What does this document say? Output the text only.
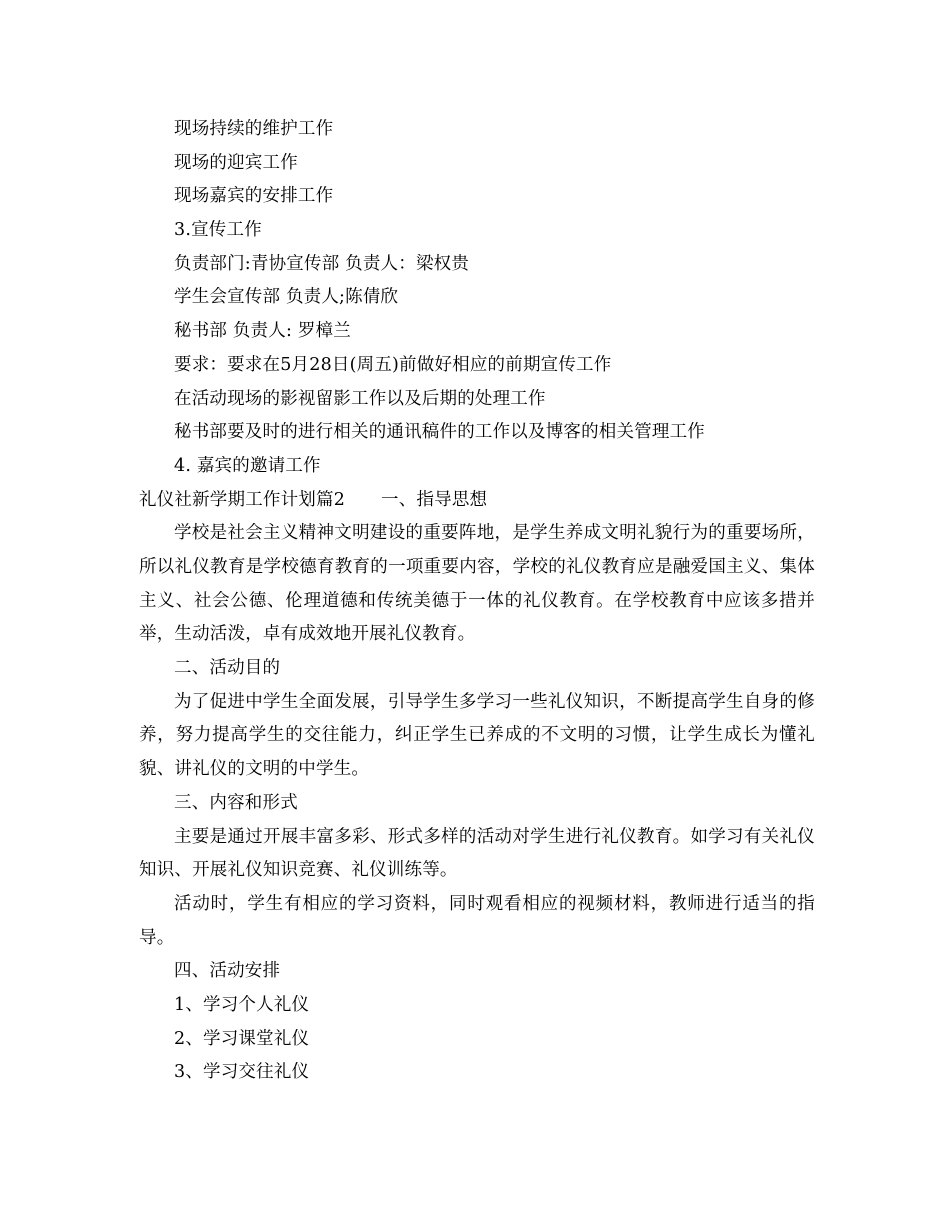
现场持续的维护工作
现场的迎宾工作
现场嘉宾的安排工作
3.宣传工作
负责部门:青协宣传部 负责人：梁权贵
学生会宣传部 负责人;陈倩欣
秘书部 负责人: 罗樟兰
要求：要求在5月28日(周五)前做好相应的前期宣传工作
在活动现场的影视留影工作以及后期的处理工作
秘书部要及时的进行相关的通讯稿件的工作以及博客的相关管理工作
4. 嘉宾的邀请工作
礼仪社新学期工作计划篇2 一、指导思想

学校是社会主义精神文明建设的重要阵地，是学生养成文明礼貌行为的重要场所，所以礼仪教育是学校德育教育的一项重要内容，学校的礼仪教育应是融爱国主义、集体主义、社会公德、伦理道德和传统美德于一体的礼仪教育。在学校教育中应该多措并举，生动活泼，卓有成效地开展礼仪教育。

二、活动目的

为了促进中学生全面发展，引导学生多学习一些礼仪知识，不断提高学生自身的修养，努力提高学生的交往能力，纠正学生已养成的不文明的习惯，让学生成长为懂礼貌、讲礼仪的文明的中学生。

三、内容和形式

主要是通过开展丰富多彩、形式多样的活动对学生进行礼仪教育。如学习有关礼仪知识、开展礼仪知识竞赛、礼仪训练等。

活动时，学生有相应的学习资料，同时观看相应的视频材料，教师进行适当的指导。

四、活动安排
1、学习个人礼仪
2、学习课堂礼仪
3、学习交往礼仪
